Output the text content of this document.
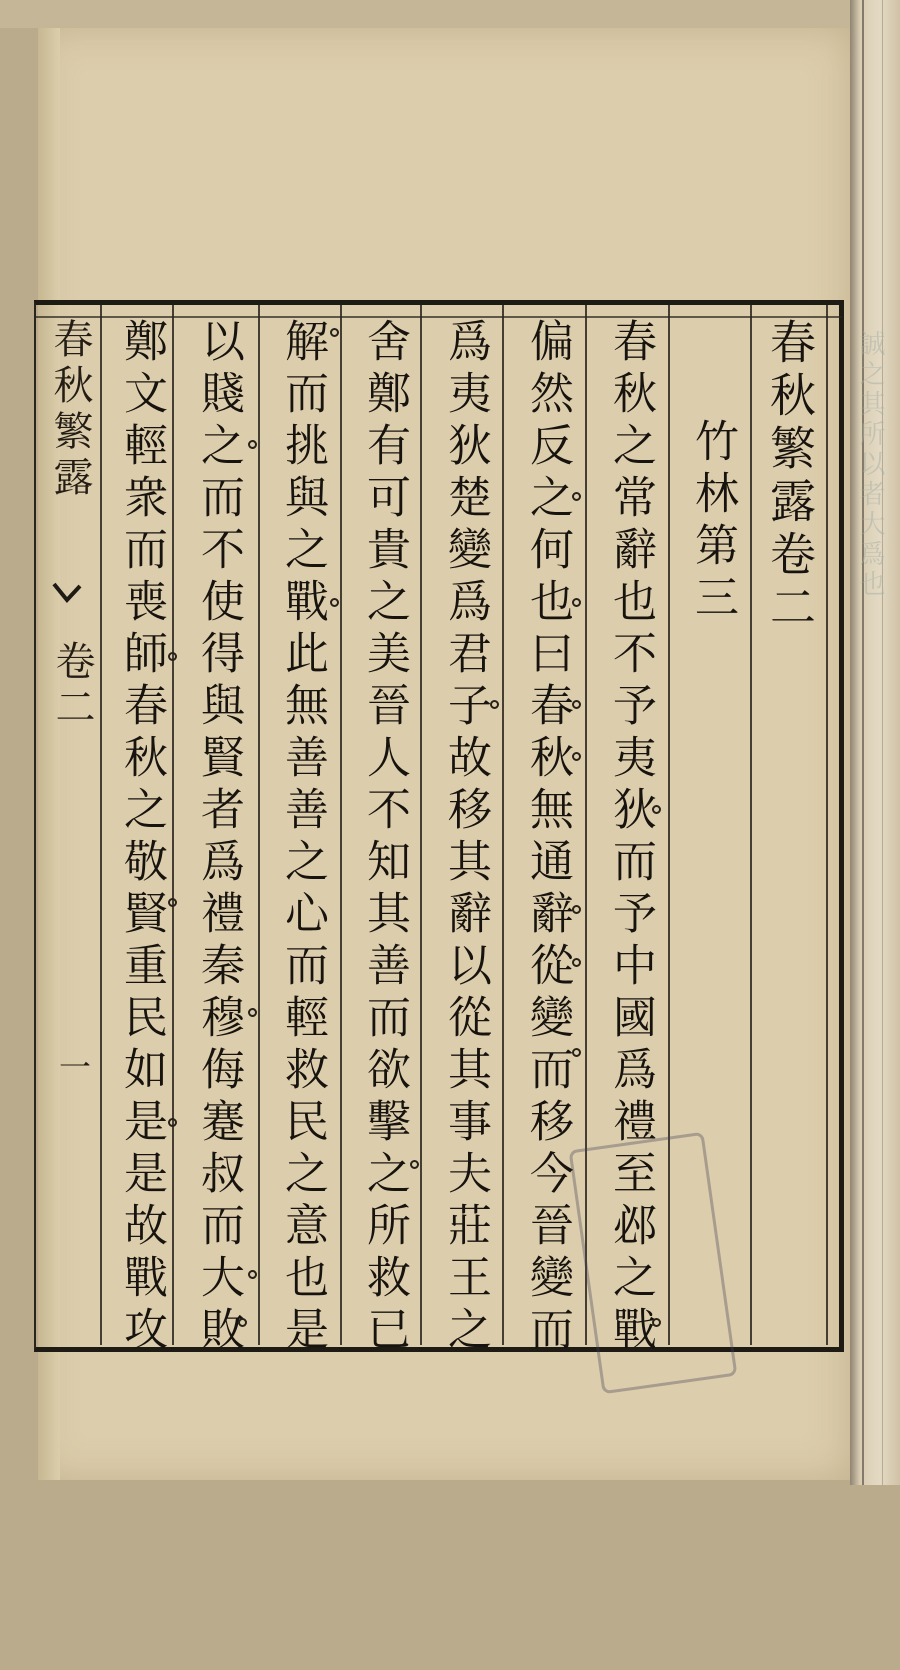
誠之其所以者大爲也
春秋繁露
卷二
一
春秋繁露卷二
竹林第三
春秋之常辭也不予夷狄而予中國爲禮至邲之戰
偏然反之何也曰春秋無通辭從變而移今晉變而
爲夷狄楚變爲君子故移其辭以從其事夫莊王之
舍鄭有可貴之美晉人不知其善而欲擊之所救已
解而挑與之戰此無善善之心而輕救民之意也是
以賤之而不使得與賢者爲禮秦穆侮蹇叔而大敗
鄭文輕衆而喪師春秋之敬賢重民如是是故戰攻
